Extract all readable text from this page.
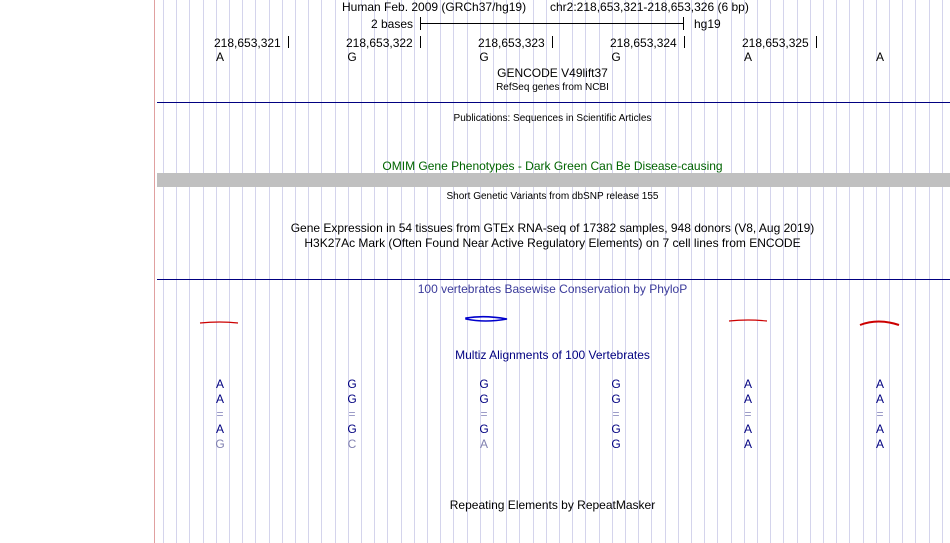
Human Feb. 2009 (GRCh37/hg19) chr2:218,653,321-218,653,326 (6 bp)
2 bases	hg19
218,653,321	218,653,322	218,653,323	218,653,324	218,653,325
A	G	G	G	A	A
GENCODE V49lift37
RefSeq genes from NCBI
Publications: Sequences in Scientific Articles
OMIM Gene Phenotypes - Dark Green Can Be Disease-causing
Short Genetic Variants from dbSNP release 155
Gene Expression in 54 tissues from GTEx RNA-seq of 17382 samples, 948 donors (V8, Aug 2019)
H3K27Ac Mark (Often Found Near Active Regulatory Elements) on 7 cell lines from ENCODE
100 vertebrates Basewise Conservation by PhyloP
Multiz Alignments of 100 Vertebrates
A	G	G	G	A	A
A	G	G	G	A	A
=	=	=	=	=	=
A	G	G	G	A	A
G	C	A	G	A	A
Repeating Elements by RepeatMasker
